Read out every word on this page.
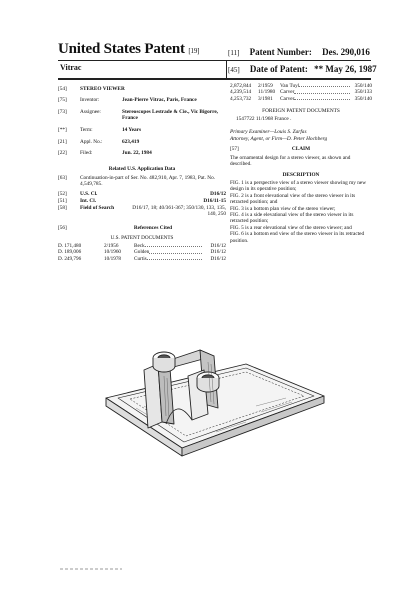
United States Patent [19]
Vitrac
[11] Patent Number: Des. 290,016
[45] Date of Patent: ** May 26, 1987
[54]	STEREO VIEWER
[75]	Inventor:	Jean-Pierre Vitrac, Paris, France
[73]	Assignee:	Stereoscopes Lestrade & Cie., Vic Bigorre, France
[**]	Term:	14 Years
[21]	Appl. No.:	623,419
[22]	Filed:	Jun. 22, 1984
Related U.S. Application Data
[63]	Continuation-in-part of Ser. No. 482,910, Apr. 7, 1983, Pat. No. 4,549,785.
[52]	U.S. Cl.	D16/12
[51]	Int. Cl.	D16/11-15
[58]	Field of Search	D16/17, 18; 40/361-367; 350/130, 133, 135, 140, 250
[56]	References Cited
U.S. PATENT DOCUMENTS
D. 171,480	2/1956	Beck	D16/12
D. 189,006	10/1960	Golden	D16/12
D. 249,796	10/1978	Curtis	D16/12
2,872,844	2/1959	Van Tuyl	350/140
4,239,514	11/1980 Carver	350/133
4,253,732	3/1981	Carver	350/140
FOREIGN PATENT DOCUMENTS
1547722 11/1968 France .
Primary Examiner—Louis S. Zarfas
Attorney, Agent, or Firm—D. Peter Hochberg
[57]	CLAIM
The ornamental design for a stereo viewer, as shown and described.
DESCRIPTION
FIG. 1 is a perspective view of a stereo viewer showing my new design in its operative position;
FIG. 2 is a front elevational view of the stereo viewer in its retracted position; and
FIG. 3 is a bottom plan view of the stereo viewer;
FIG. 4 is a side elevational view of the stereo viewer in its retracted position;
FIG. 5 is a rear elevational view of the stereo viewer; and
FIG. 6 is a bottom end view of the stereo viewer in its retracted position.
